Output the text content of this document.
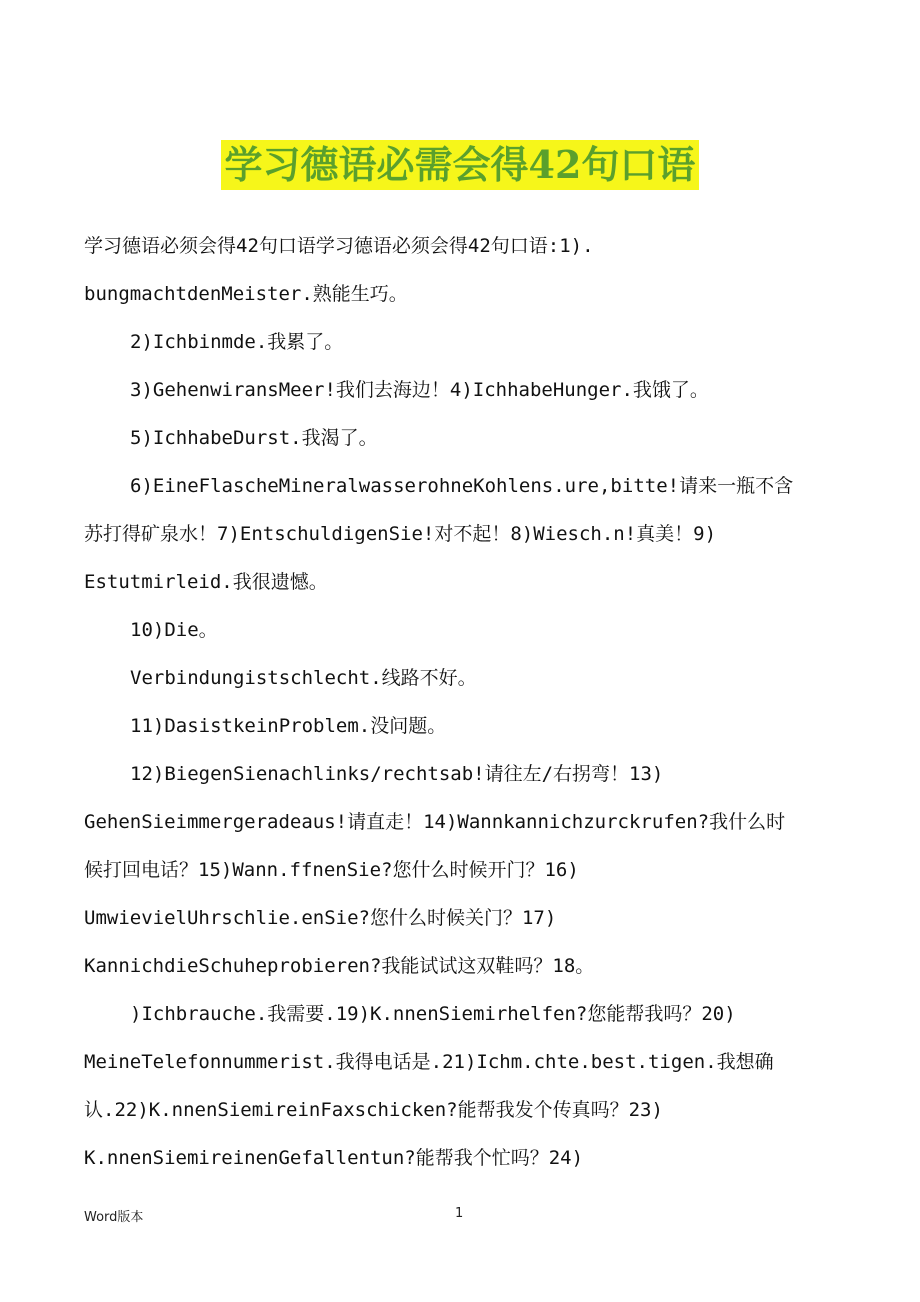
学习德语必需会得42句口语
学习德语必须会得42句口语学习德语必须会得42句口语:1).
bungmachtdenMeister.熟能生巧。
2)Ichbinmde.我累了。
3)GehenwiransMeer!我们去海边！4)IchhabeHunger.我饿了。
5)IchhabeDurst.我渴了。
6)EineFlascheMineralwasserohneKohlens.ure,bitte!请来一瓶不含
苏打得矿泉水！7)EntschuldigenSie!对不起！8)Wiesch.n!真美！9)
Estutmirleid.我很遗憾。
10)Die。
Verbindungistschlecht.线路不好。
11)DasistkeinProblem.没问题。
12)BiegenSienachlinks/rechtsab!请往左/右拐弯！13)
GehenSieimmergeradeaus!请直走！14)Wannkannichzurckrufen?我什么时
候打回电话？15)Wann.ffnenSie?您什么时候开门？16)
UmwievielUhrschlie.enSie?您什么时候关门？17)
KannichdieSchuheprobieren?我能试试这双鞋吗？18。
)Ichbrauche.我需要.19)K.nnenSiemirhelfen?您能帮我吗？20)
MeineTelefonnummerist.我得电话是.21)Ichm.chte.best.tigen.我想确
认.22)K.nnenSiemireinFaxschicken?能帮我发个传真吗？23)
K.nnenSiemireinenGefallentun?能帮我个忙吗？24)
Word版本	1
